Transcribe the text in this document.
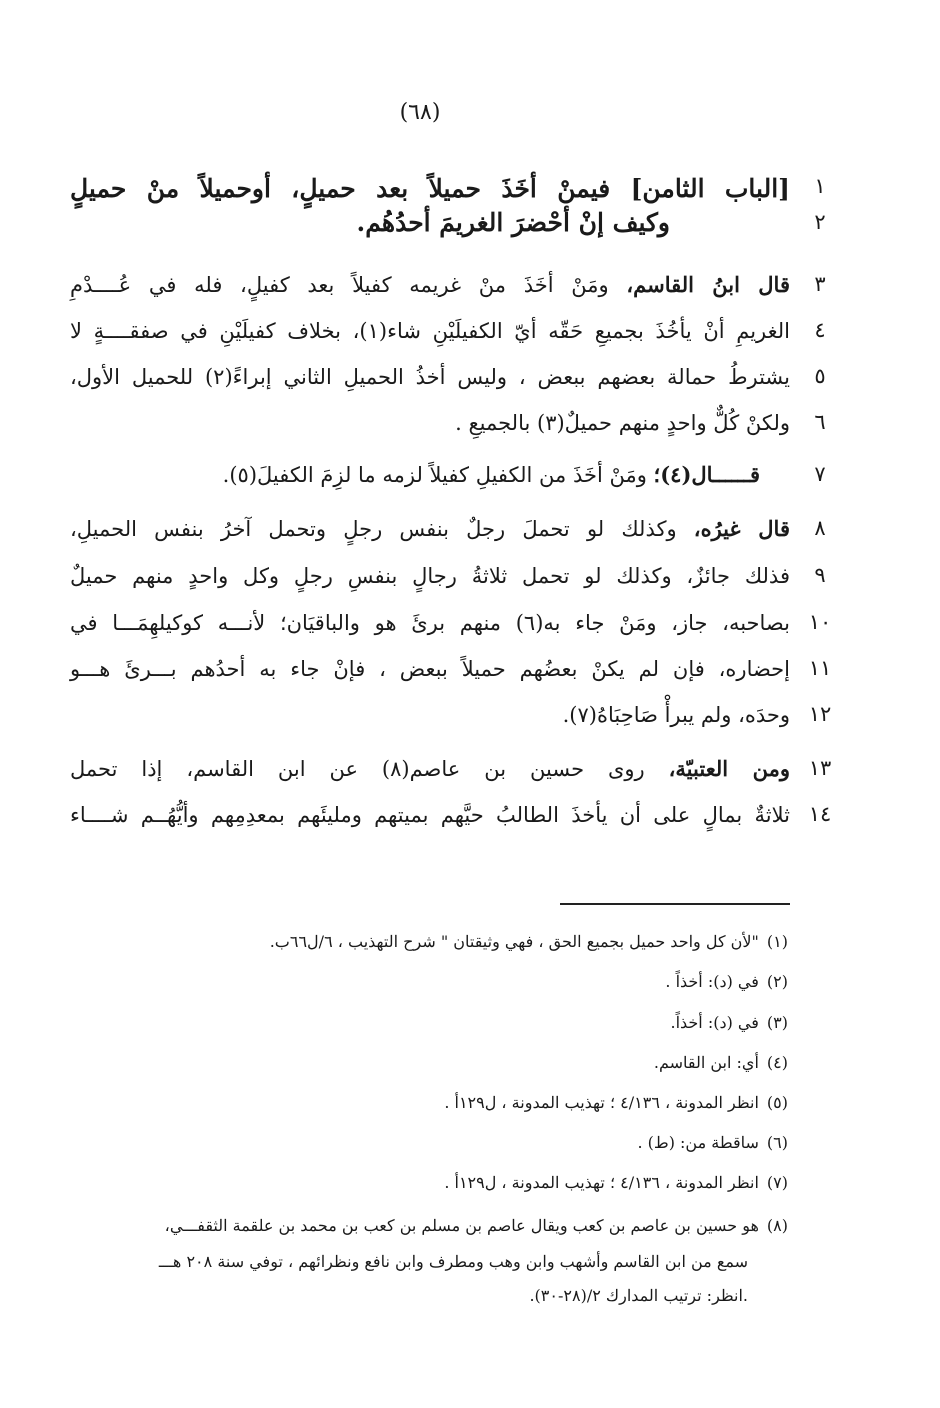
(٦٨)
١
[الباب الثامن] فيمنْ أخَذَ حميلاً بعد حميلٍ، أوحميلاً منْ حميلٍ
٢
وكيف إنْ أحْضرَ الغريمَ أحدُهُم.
٣
قال ابنُ القاسم، ومَنْ أخَذَ منْ غريمه كفيلاً بعد كفيلٍ، فله في عُــــدْمِ
٤
الغريمِ أنْ يأخُذَ بجميعِ حَقّه أيّ الكفيلَيْنِ شاء(١)، بخلاف كفيلَيْنِ في صفقــــةٍ لا
٥
يشترطُ حمالة بعضهم ببعض ، وليس أخذُ الحميلِ الثاني إبراءً(٢) للحميل الأول،
٦
ولكنْ كُلٌّ واحدٍ منهم حميلٌ(٣) بالجميعِ .
٧
قــــــال(٤)؛ ومَنْ أخَذَ من الكفيلِ كفيلاً لزمه ما لزِمَ الكفيلَ(٥).
٨
قال غيرُه، وكذلك لو تحملَ رجلٌ بنفس رجلٍ وتحمل آخرُ بنفس الحميلِ،
٩
فذلك جائزٌ، وكذلك لو تحمل ثلاثةُ رجالٍ بنفسِ رجلٍ وكل واحدٍ منهم حميلٌ
١٠
بصاحبه، جاز، ومَنْ جاء به(٦) منهم برئَ هو والباقيَان؛ لأنـــه كوكيلهِمَـــا في
١١
إحضاره، فإن لم يكنْ بعضُهم حميلاً ببعض ، فإنْ جاء به أحدُهم بـــرئَ هـــو
١٢
وحدَه، ولم يبرأْ صَاحِبَاهُ(٧).
١٣
ومن العتبيّة، روى حسين بن عاصم(٨) عن ابن القاسم، إذا تحمل
١٤
ثلاثةٌ بمالٍ على أن يأخذَ الطالبُ حيَّهم بميتهم ومليئَهم بمعدِمِهم وأيُّهُــم شــــاء
(١)"لأن كل واحد حميل بجميع الحق ، فهي وثيقتان " شرح التهذيب ، ٦/ل٦٦ب.
(٢)في (د): أخذاً .
(٣)في (د): أخذاً.
(٤)أي: ابن القاسم.
(٥)انظر المدونة ، ٤/١٣٦ ؛ تهذيب المدونة ، ل١٢٩أ .
(٦)ساقطة من: (ط) .
(٧)انظر المدونة ، ٤/١٣٦ ؛ تهذيب المدونة ، ل١٢٩أ .
(٨)هو حسين بن عاصم بن كعب ويقال عاصم بن مسلم بن كعب بن محمد بن علقمة الثقفـــي،
سمع من ابن القاسم وأشهب وابن وهب ومطرف وابن نافع ونظرائهم ، توفي سنة ٢٠٨ هـــ
.انظر: ترتيب المدارك ٢/(٢٨-٣٠).
